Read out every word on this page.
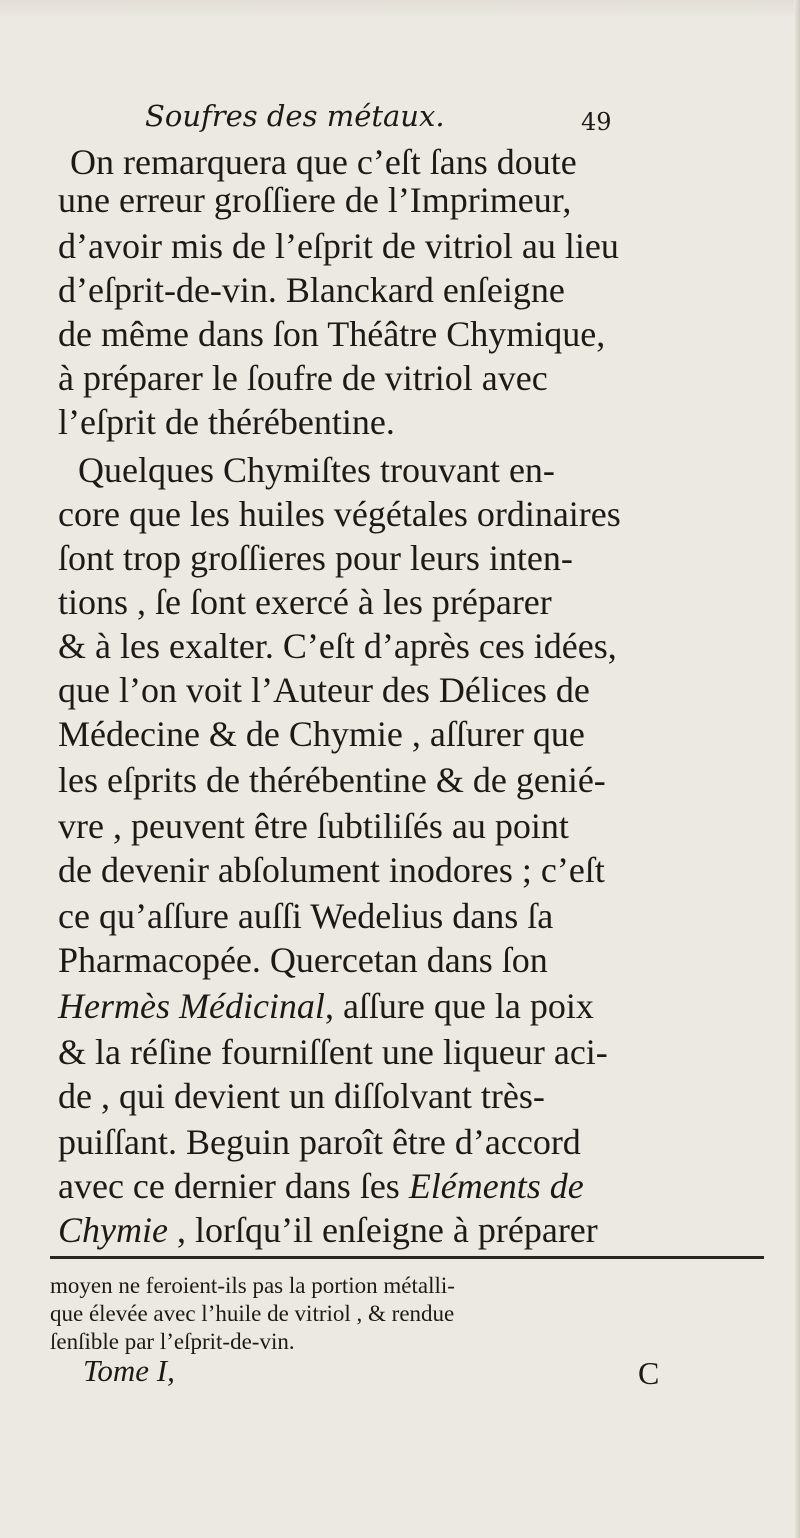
Soufres des métaux.	49
On remarquera que c’eſt ſans doute
une erreur groſſiere de l’Imprimeur,
d’avoir mis de l’eſprit de vitriol au lieu
d’eſprit-de-vin. Blanckard enſeigne
de même dans ſon Théâtre Chymique,
à préparer le ſoufre de vitriol avec
l’eſprit de thérébentine.
Quelques Chymiſtes trouvant en-
core que les huiles végétales ordinaires
ſont trop groſſieres pour leurs inten-
tions , ſe ſont exercé à les préparer
& à les exalter. C’eſt d’après ces idées,
que l’on voit l’Auteur des Délices de
Médecine & de Chymie , aſſurer que
les eſprits de thérébentine & de genié-
vre , peuvent être ſubtiliſés au point
de devenir abſolument inodores ; c’eſt
ce qu’aſſure auſſi Wedelius dans ſa
Pharmacopée. Quercetan dans ſon
Hermès Médicinal, aſſure que la poix
& la réſine fourniſſent une liqueur aci-
de , qui devient un diſſolvant très-
puiſſant. Beguin paroît être d’accord
avec ce dernier dans ſes Eléments de
Chymie , lorſqu’il enſeigne à préparer
moyen ne feroient-ils pas la portion métalli-
que élevée avec l’huile de vitriol , & rendue
ſenſible par l’eſprit-de-vin.
Tome I,	C
